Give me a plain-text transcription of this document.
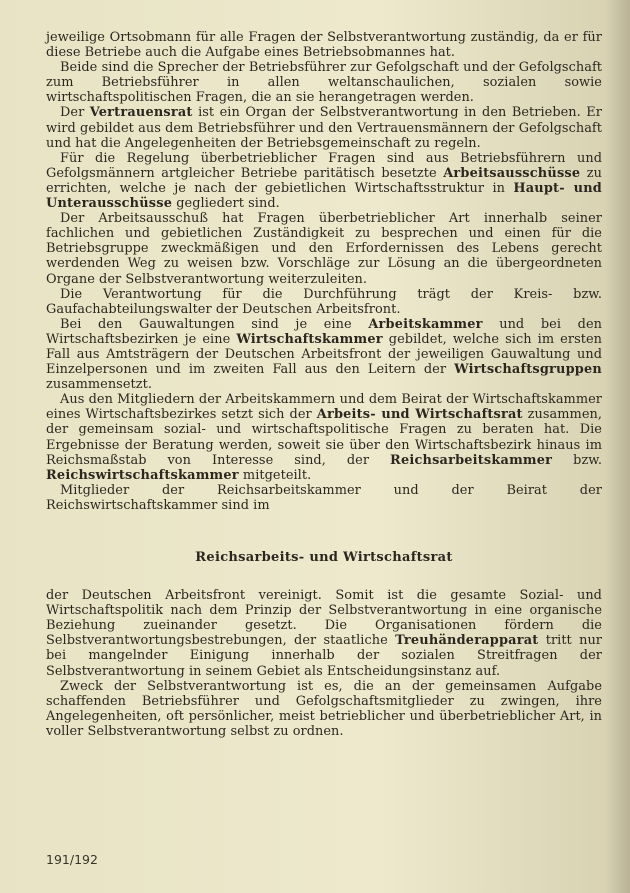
jeweilige Ortsobmann für alle Fragen der Selbstverantwortung zuständig, da er für diese Betriebe auch die Aufgabe eines Betriebsobmannes hat.

Beide sind die Sprecher der Betriebsführer zur Gefolgschaft und der Gefolgschaft zum Betriebsführer in allen weltanschaulichen, sozialen sowie wirtschaftspolitischen Fragen, die an sie herangetragen werden.

Der Vertrauensrat ist ein Organ der Selbstverantwortung in den Betrieben. Er wird gebildet aus dem Betriebsführer und den Vertrauensmännern der Gefolgschaft und hat die Angelegenheiten der Betriebsgemeinschaft zu regeln.

Für die Regelung überbetrieblicher Fragen sind aus Betriebsführern und Gefolgsmännern artgleicher Betriebe paritätisch besetzte Arbeitsausschüsse zu errichten, welche je nach der gebietlichen Wirtschaftsstruktur in Haupt- und Unterausschüsse gegliedert sind.

Der Arbeitsausschuß hat Fragen überbetrieblicher Art innerhalb seiner fachlichen und gebietlichen Zuständigkeit zu besprechen und einen für die Betriebsgruppe zweckmäßigen und den Erfordernissen des Lebens gerecht werdenden Weg zu weisen bzw. Vorschläge zur Lösung an die übergeordneten Organe der Selbstverantwortung weiterzuleiten.

Die Verantwortung für die Durchführung trägt der Kreis- bzw. Gaufachabteilungswalter der Deutschen Arbeitsfront.

Bei den Gauwaltungen sind je eine Arbeitskammer und bei den Wirtschaftsbezirken je eine Wirtschaftskammer gebildet, welche sich im ersten Fall aus Amtsträgern der Deutschen Arbeitsfront der jeweiligen Gauwaltung und Einzelpersonen und im zweiten Fall aus den Leitern der Wirtschaftsgruppen zusammensetzt.

Aus den Mitgliedern der Arbeitskammern und dem Beirat der Wirtschaftskammer eines Wirtschaftsbezirkes setzt sich der Arbeits- und Wirtschaftsrat zusammen, der gemeinsam sozial- und wirtschaftspolitische Fragen zu beraten hat. Die Ergebnisse der Beratung werden, soweit sie über den Wirtschaftsbezirk hinaus im Reichsmaßstab von Interesse sind, der Reichsarbeitskammer bzw. Reichswirtschaftskammer mitgeteilt.

Mitglieder der Reichsarbeitskammer und der Beirat der Reichswirtschaftskammer sind im

Reichsarbeits- und Wirtschaftsrat

der Deutschen Arbeitsfront vereinigt. Somit ist die gesamte Sozial- und Wirtschaftspolitik nach dem Prinzip der Selbstverantwortung in eine organische Beziehung zueinander gesetzt. Die Organisationen fördern die Selbstverantwortungsbestrebungen, der staatliche Treuhänderapparat tritt nur bei mangelnder Einigung innerhalb der sozialen Streitfragen der Selbstverantwortung in seinem Gebiet als Entscheidungsinstanz auf.

Zweck der Selbstverantwortung ist es, die an der gemeinsamen Aufgabe schaffenden Betriebsführer und Gefolgschaftsmitglieder zu zwingen, ihre Angelegenheiten, oft persönlicher, meist betrieblicher und überbetrieblicher Art, in voller Selbstverantwortung selbst zu ordnen.

191/192
